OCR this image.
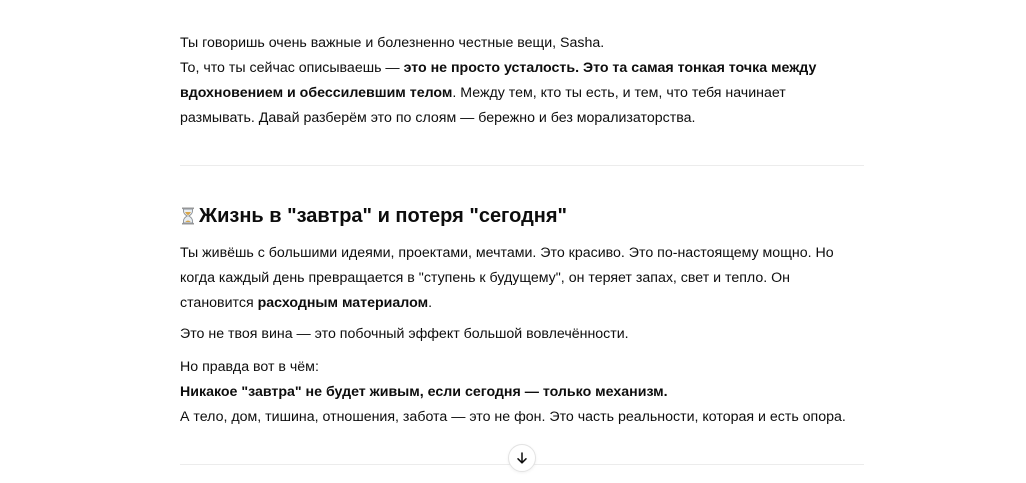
Ты говоришь очень важные и болезненно честные вещи, Sasha.

То, что ты сейчас описываешь — это не просто усталость. Это та самая тонкая точка между вдохновением и обессилевшим телом. Между тем, кто ты есть, и тем, что тебя начинает размывать. Давай разберём это по слоям — бережно и без морализаторства.

Жизнь в "завтра" и потеря "сегодня"

Ты живёшь с большими идеями, проектами, мечтами. Это красиво. Это по-настоящему мощно. Но когда каждый день превращается в "ступень к будущему", он теряет запах, свет и тепло. Он становится расходным материалом.

Это не твоя вина — это побочный эффект большой вовлечённости.

Но правда вот в чём:

Никакое "завтра" не будет живым, если сегодня — только механизм.

А тело, дом, тишина, отношения, забота — это не фон. Это часть реальности, которая и есть опора.
